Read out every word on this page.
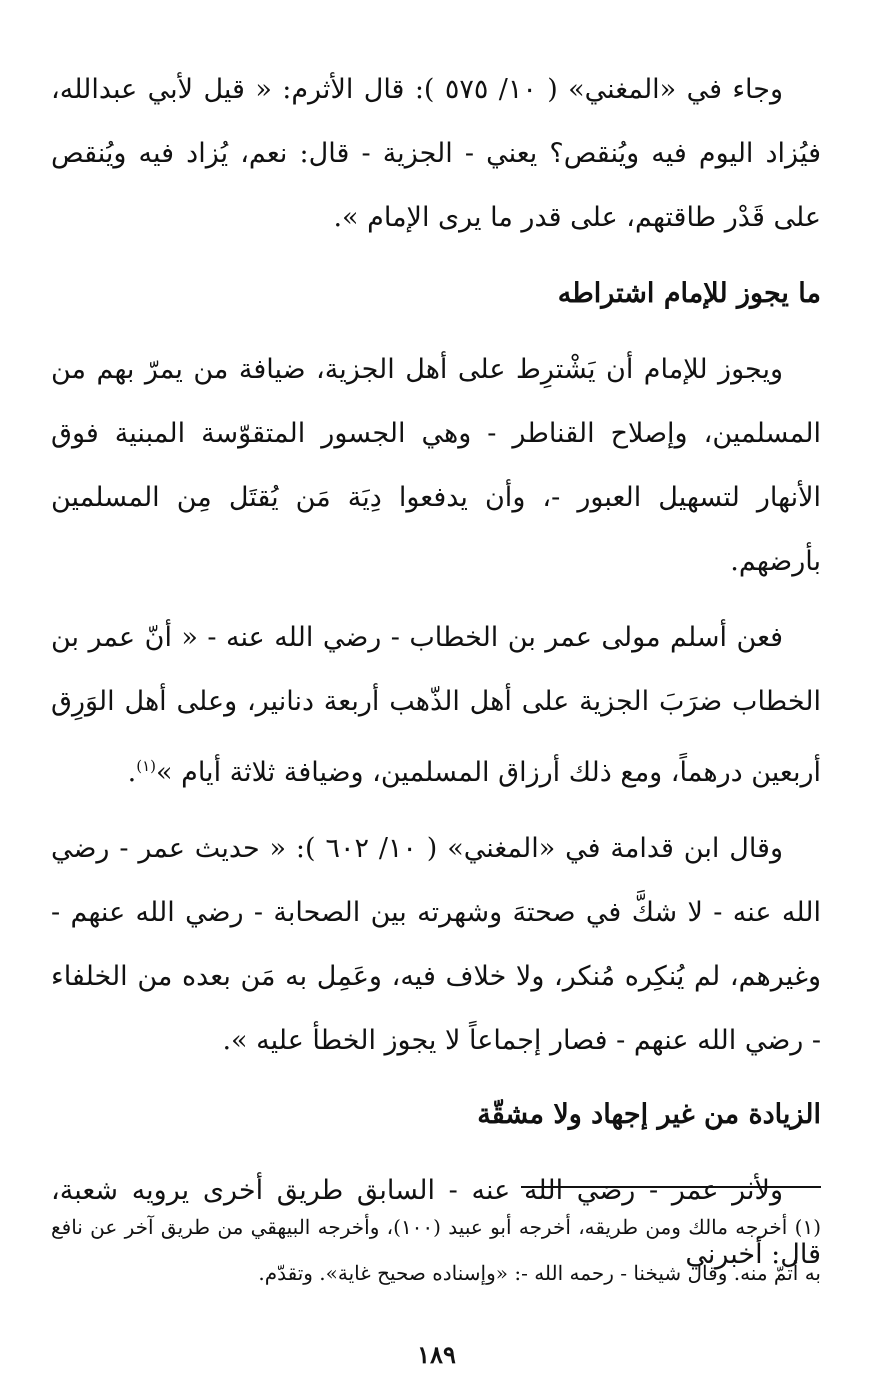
وجاء في «المغني» ( ١٠/ ٥٧٥ ): قال الأثرم: « قيل لأبي عبدالله، فيُزاد اليوم فيه ويُنقص؟ يعني - الجزية - قال: نعم، يُزاد فيه ويُنقص على قَدْر طاقتهم، على قدر ما يرى الإمام ».

ما يجوز للإمام اشتراطه

ويجوز للإمام أن يَشْترِط على أهل الجزية، ضيافة من يمرّ بهم من المسلمين، وإصلاح القناطر - وهي الجسور المتقوّسة المبنية فوق الأنهار لتسهيل العبور -، وأن يدفعوا دِيَة مَن يُقتَل مِن المسلمين بأرضهم.

فعن أسلم مولى عمر بن الخطاب - رضي الله عنه - « أنّ عمر بن الخطاب ضرَبَ الجزية على أهل الذّهب أربعة دنانير، وعلى أهل الوَرِق أربعين درهماً، ومع ذلك أرزاق المسلمين، وضيافة ثلاثة أيام »$^{(١)}$.

وقال ابن قدامة في «المغني» ( ١٠/ ٦٠٢ ): « حديث عمر - رضي الله عنه - لا شكَّ في صحتهَ وشهرته بين الصحابة - رضي الله عنهم - وغيرهم، لم يُنكِره مُنكر، ولا خلاف فيه، وعَمِل به مَن بعده من الخلفاء - رضي الله عنهم - فصار إجماعاً لا يجوز الخطأ عليه ».

الزيادة من غير إجهاد ولا مشقّة

ولأثر عمر - رضي الله عنه - السابق طريق أخرى يرويه شعبة، قال: أخبرني

(١) أخرجه مالك ومن طريقه، أخرجه أبو عبيد (١٠٠)، وأخرجه البيهقي من طريق آخر عن نافع به أتمّ منه. وقال شيخنا - رحمه الله -: «وإسناده صحيح غاية». وتقدّم.
١٨٩
